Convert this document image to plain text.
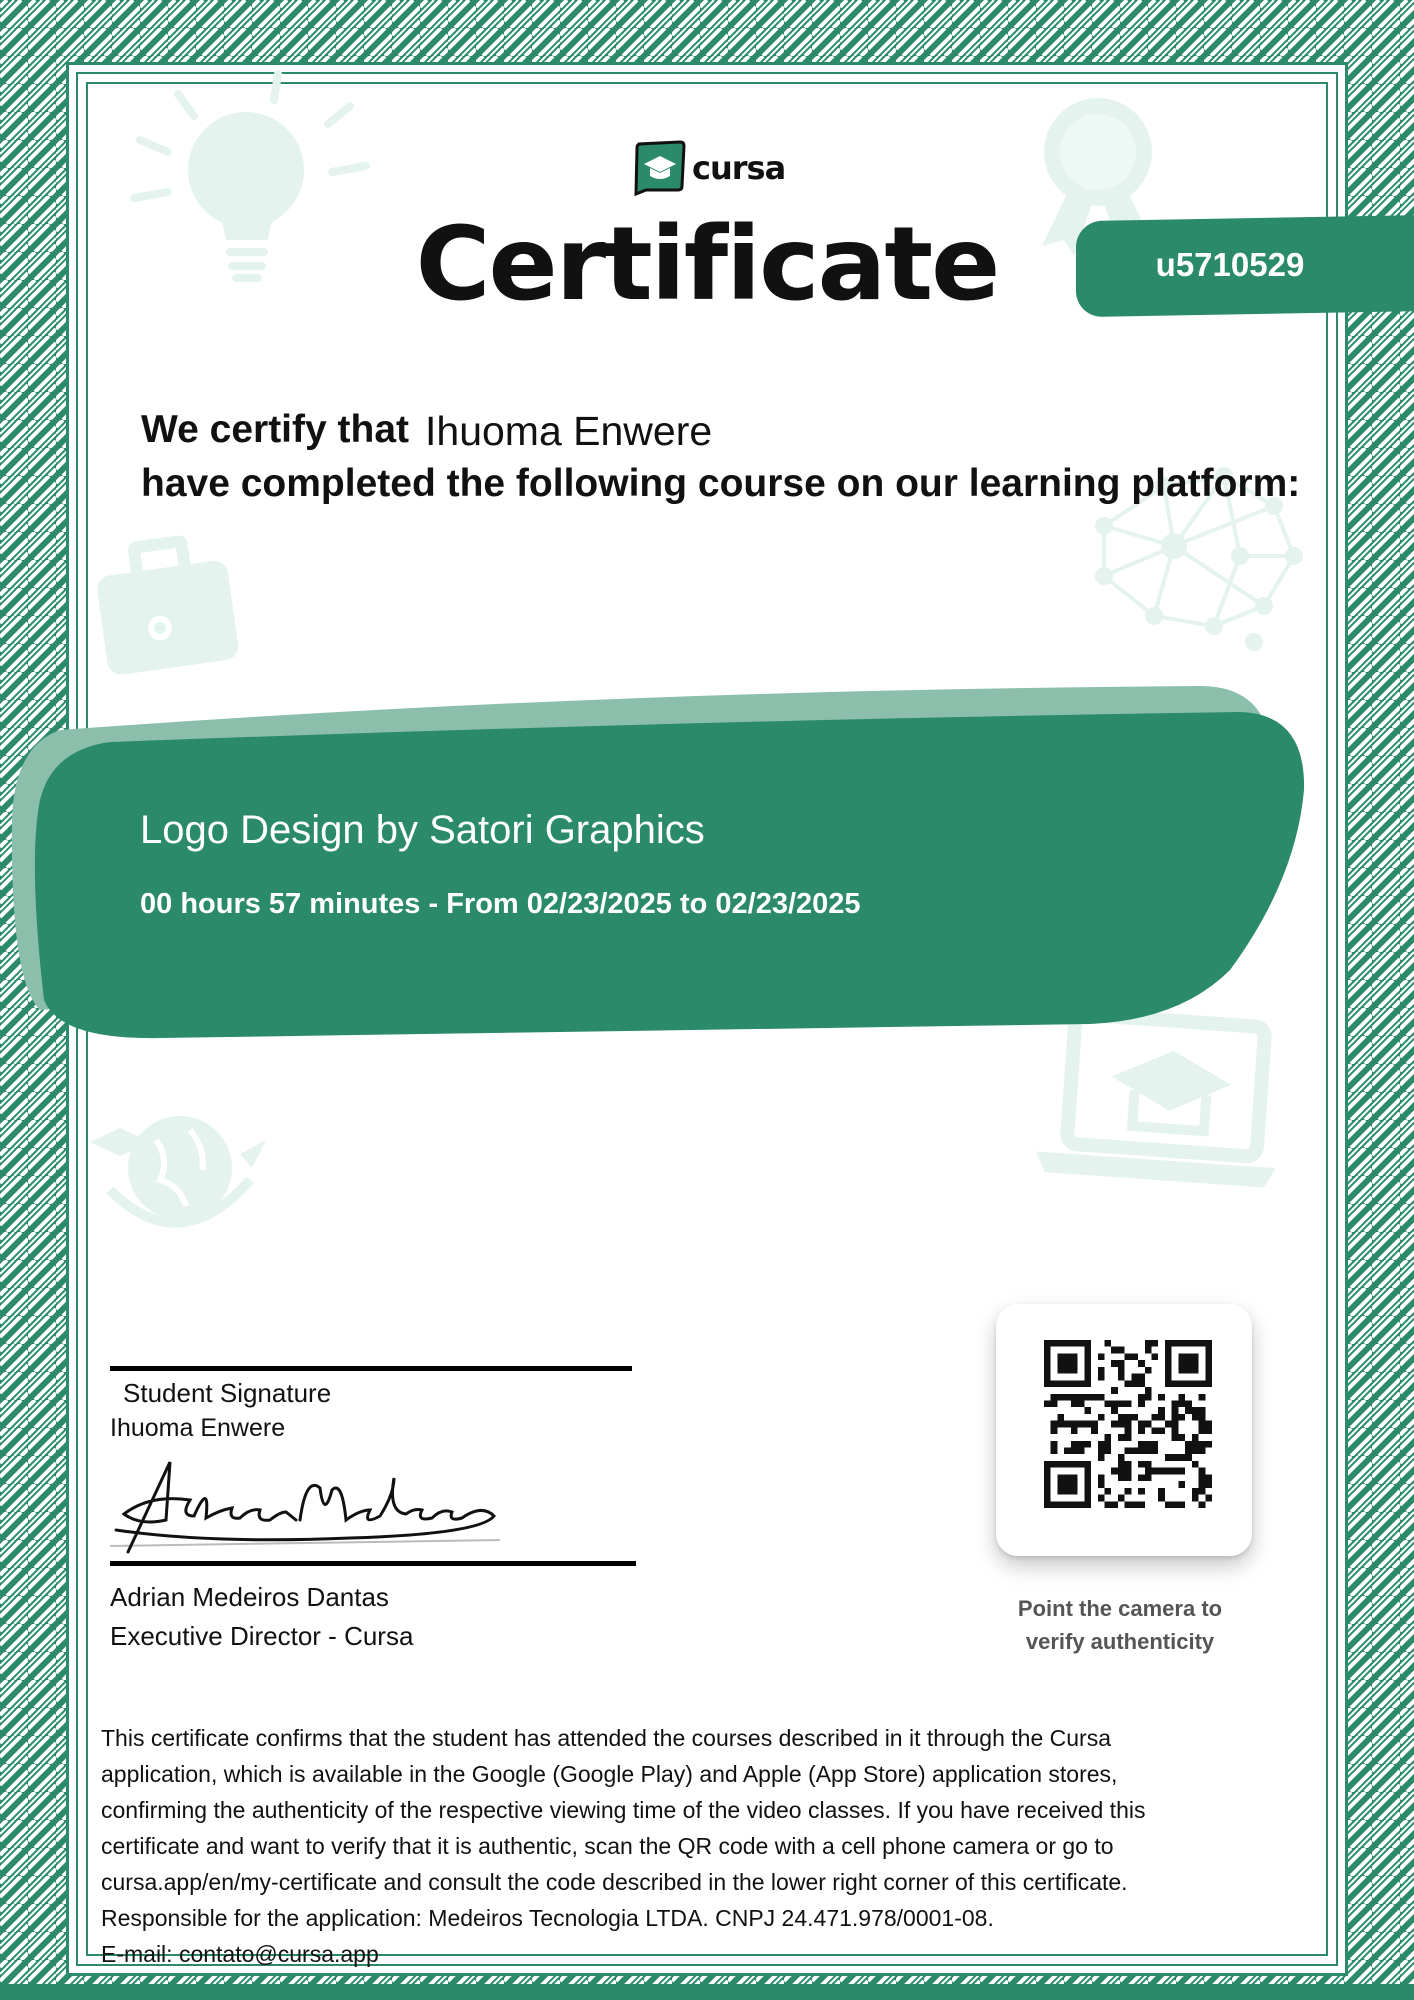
cursa
Certificate	u5710529
We certify that Ihuoma Enwere
have completed the following course on our learning platform:
Logo Design by Satori Graphics
00 hours 57 minutes - From 02/23/2025 to 02/23/2025
Student Signature
Ihuoma Enwere
Adrian Medeiros Dantas
Executive Director - Cursa
Point the camera to
verify authenticity

This certificate confirms that the student has attended the courses described in it through the Cursa

application, which is available in the Google (Google Play) and Apple (App Store) application stores,

confirming the authenticity of the respective viewing time of the video classes. If you have received this

certificate and want to verify that it is authentic, scan the QR code with a cell phone camera or go to

cursa.app/en/my-certificate and consult the code described in the lower right corner of this certificate.

Responsible for the application: Medeiros Tecnologia LTDA. CNPJ 24.471.978/0001-08.

E-mail: contato@cursa.app
